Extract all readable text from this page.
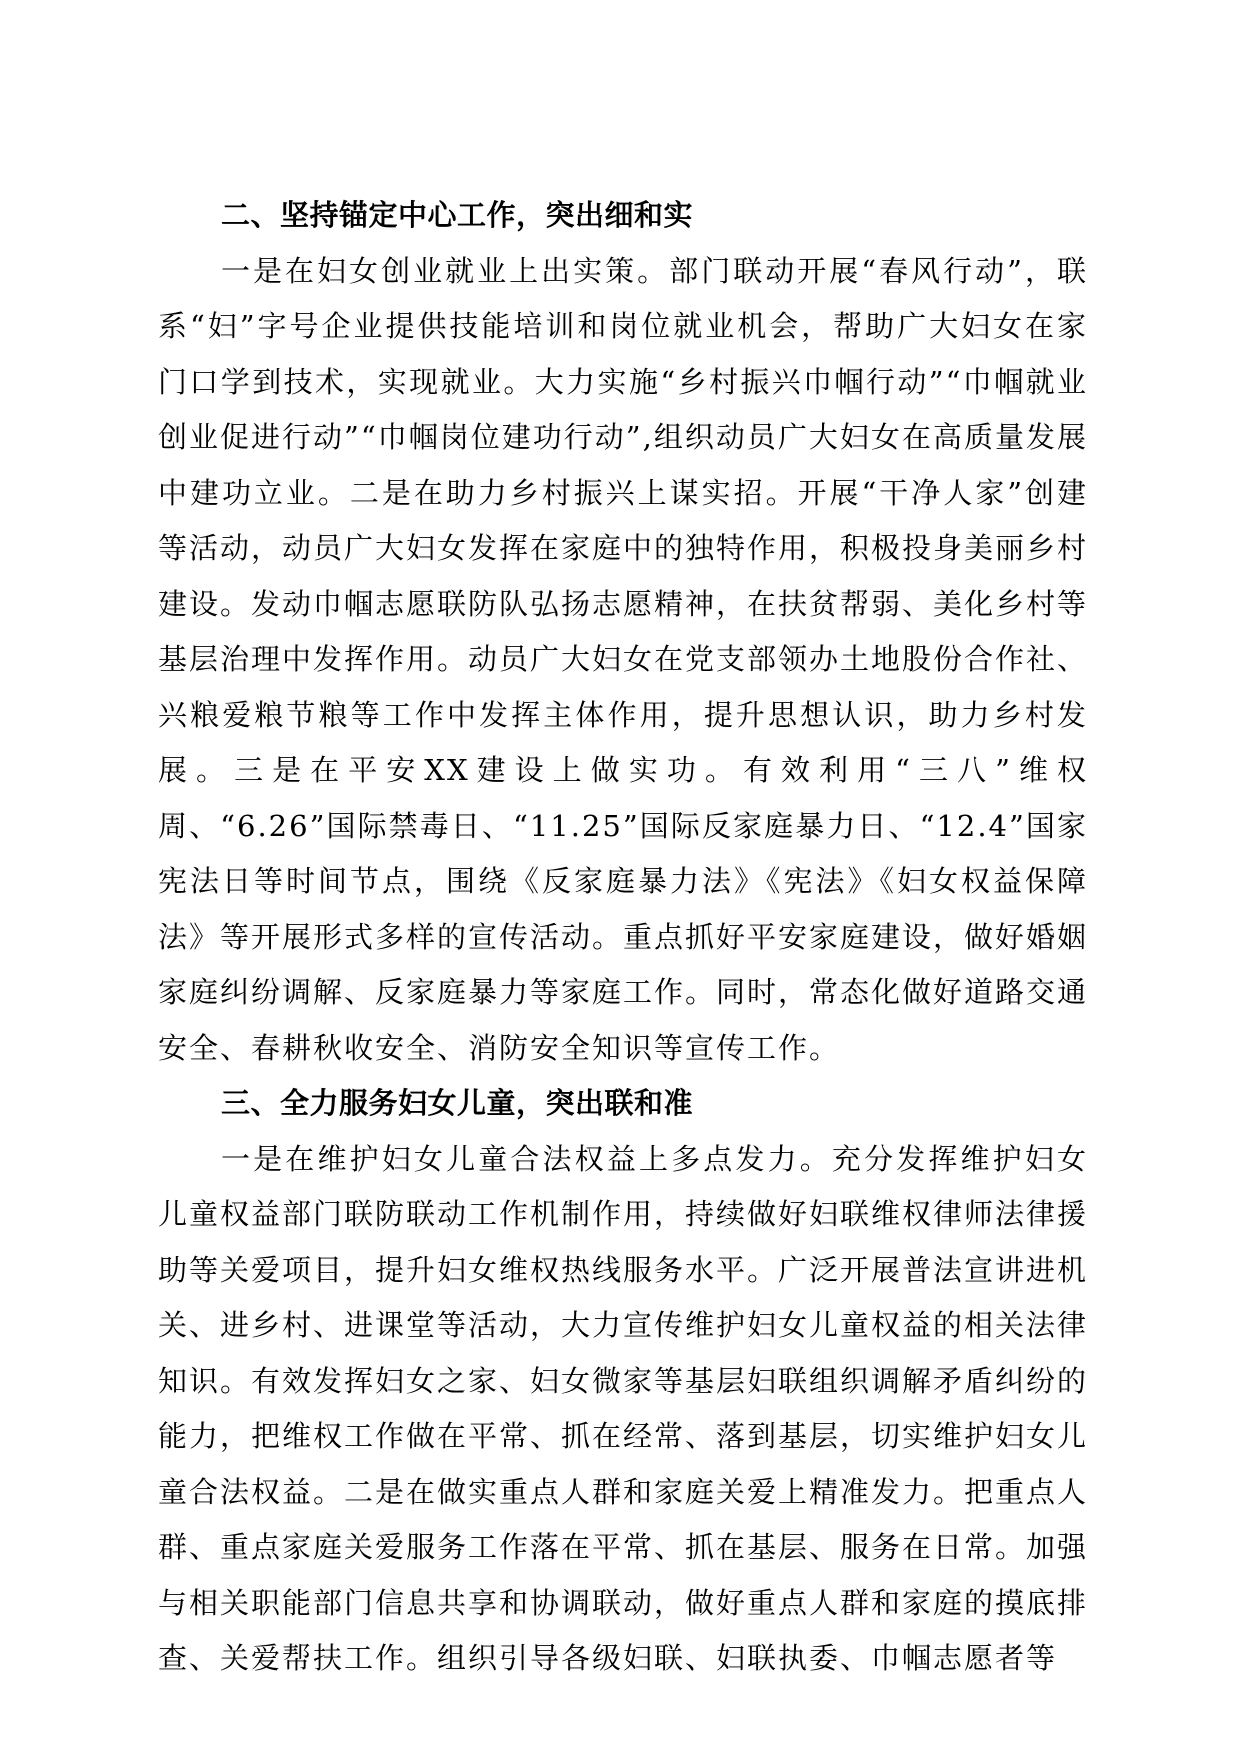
二、坚持锚定中心工作，突出细和实

一是在妇女创业就业上出实策。部门联动开展“春风行动”，联系“妇”字号企业提供技能培训和岗位就业机会，帮助广大妇女在家门口学到技术，实现就业。大力实施“乡村振兴巾帼行动”“巾帼就业创业促进行动”“巾帼岗位建功行动”,组织动员广大妇女在高质量发展中建功立业。二是在助力乡村振兴上谋实招。开展“干净人家”创建等活动，动员广大妇女发挥在家庭中的独特作用，积极投身美丽乡村建设。发动巾帼志愿联防队弘扬志愿精神，在扶贫帮弱、美化乡村等基层治理中发挥作用。动员广大妇女在党支部领办土地股份合作社、兴粮爱粮节粮等工作中发挥主体作用，提升思想认识，助力乡村发展。三是在平安XX建设上做实功。有效利用“三八”维权周、“6.26”国际禁毒日、“11.25”国际反家庭暴力日、“12.4”国家宪法日等时间节点，围绕《反家庭暴力法》《宪法》《妇女权益保障法》等开展形式多样的宣传活动。重点抓好平安家庭建设，做好婚姻家庭纠纷调解、反家庭暴力等家庭工作。同时，常态化做好道路交通安全、春耕秋收安全、消防安全知识等宣传工作。

三、全力服务妇女儿童，突出联和准

一是在维护妇女儿童合法权益上多点发力。充分发挥维护妇女儿童权益部门联防联动工作机制作用，持续做好妇联维权律师法律援助等关爱项目，提升妇女维权热线服务水平。广泛开展普法宣讲进机关、进乡村、进课堂等活动，大力宣传维护妇女儿童权益的相关法律知识。有效发挥妇女之家、妇女微家等基层妇联组织调解矛盾纠纷的能力，把维权工作做在平常、抓在经常、落到基层，切实维护妇女儿童合法权益。二是在做实重点人群和家庭关爱上精准发力。把重点人群、重点家庭关爱服务工作落在平常、抓在基层、服务在日常。加强与相关职能部门信息共享和协调联动，做好重点人群和家庭的摸底排查、关爱帮扶工作。组织引导各级妇联、妇联执委、巾帼志愿者等
